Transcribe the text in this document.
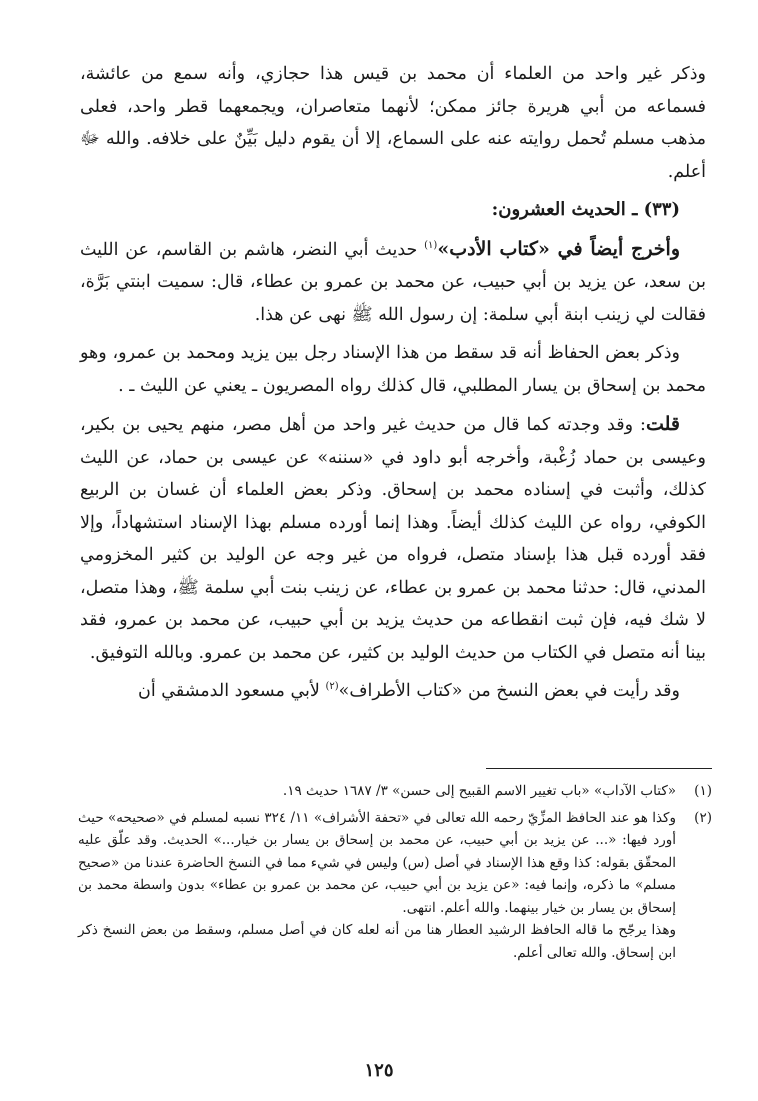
وذكر غير واحد من العلماء أن محمد بن قيس هذا حجازي، وأنه سمع من عائشة، فسماعه من أبي هريرة جائز ممكن؛ لأنهما متعاصران، ويجمعهما قطر واحد، فعلى مذهب مسلم تُحمل روايته عنه على السماع، إلا أن يقوم دليل بَيِّنٌ على خلافه. والله ﷻ أعلم.

(٣٣) ـ الحديث العشرون:

وأخرج أيضاً في «كتاب الأدب»$^{(١)}$ حديث أبي النضر، هاشم بن القاسم، عن الليث بن سعد، عن يزيد بن أبي حبيب، عن محمد بن عمرو بن عطاء، قال: سميت ابنتي بَرَّة، فقالت لي زينب ابنة أبي سلمة: إن رسول الله ﷺ نهى عن هذا.

وذكر بعض الحفاظ أنه قد سقط من هذا الإسناد رجل بين يزيد ومحمد بن عمرو، وهو محمد بن إسحاق بن يسار المطلبي، قال كذلك رواه المصريون ـ يعني عن الليث ـ .

قلت: وقد وجدته كما قال من حديث غير واحد من أهل مصر، منهم يحيى بن بكير، وعيسى بن حماد زُغْبة، وأخرجه أبو داود في «سننه» عن عيسى بن حماد، عن الليث كذلك، وأثبت في إسناده محمد بن إسحاق. وذكر بعض العلماء أن غسان بن الربيع الكوفي، رواه عن الليث كذلك أيضاً. وهذا إنما أورده مسلم بهذا الإسناد استشهاداً، وإلا فقد أورده قبل هذا بإسناد متصل، فرواه من غير وجه عن الوليد بن كثير المخزومي المدني، قال: حدثنا محمد بن عمرو بن عطاء، عن زينب بنت أبي سلمة ﷺ، وهذا متصل، لا شك فيه، فإن ثبت انقطاعه من حديث يزيد بن أبي حبيب، عن محمد بن عمرو، فقد بينا أنه متصل في الكتاب من حديث الوليد بن كثير، عن محمد بن عمرو. وبالله التوفيق.

وقد رأيت في بعض النسخ من «كتاب الأطراف»$^{(٢)}$ لأبي مسعود الدمشقي أن

(١)

«كتاب الآداب» «باب تغيير الاسم القبيح إلى حسن» ٣/ ١٦٨٧ حديث ١٩.

(٢)

وكذا هو عند الحافظ المزِّيّ رحمه الله تعالى في «تحفة الأشراف» ١١/ ٣٢٤ نسبه لمسلم في «صحيحه» حيث أورد فيها: «... عن يزيد بن أبي حبيب، عن محمد بن إسحاق بن يسار بن خيار...» الحديث. وقد علّق عليه المحقّق بقوله: كذا وقع هذا الإسناد في أصل (س) وليس في شيء مما في النسخ الحاضرة عندنا من «صحيح مسلم» ما ذكره، وإنما فيه: «عن يزيد بن أبي حبيب، عن محمد بن عمرو بن عطاء» بدون واسطة محمد بن إسحاق بن يسار بن خيار بينهما. والله أعلم. انتهى.

وهذا يرجّح ما قاله الحافظ الرشيد العطار هنا من أنه لعله كان في أصل مسلم، وسقط من بعض النسخ ذكر ابن إسحاق. والله تعالى أعلم.

١٢٥
